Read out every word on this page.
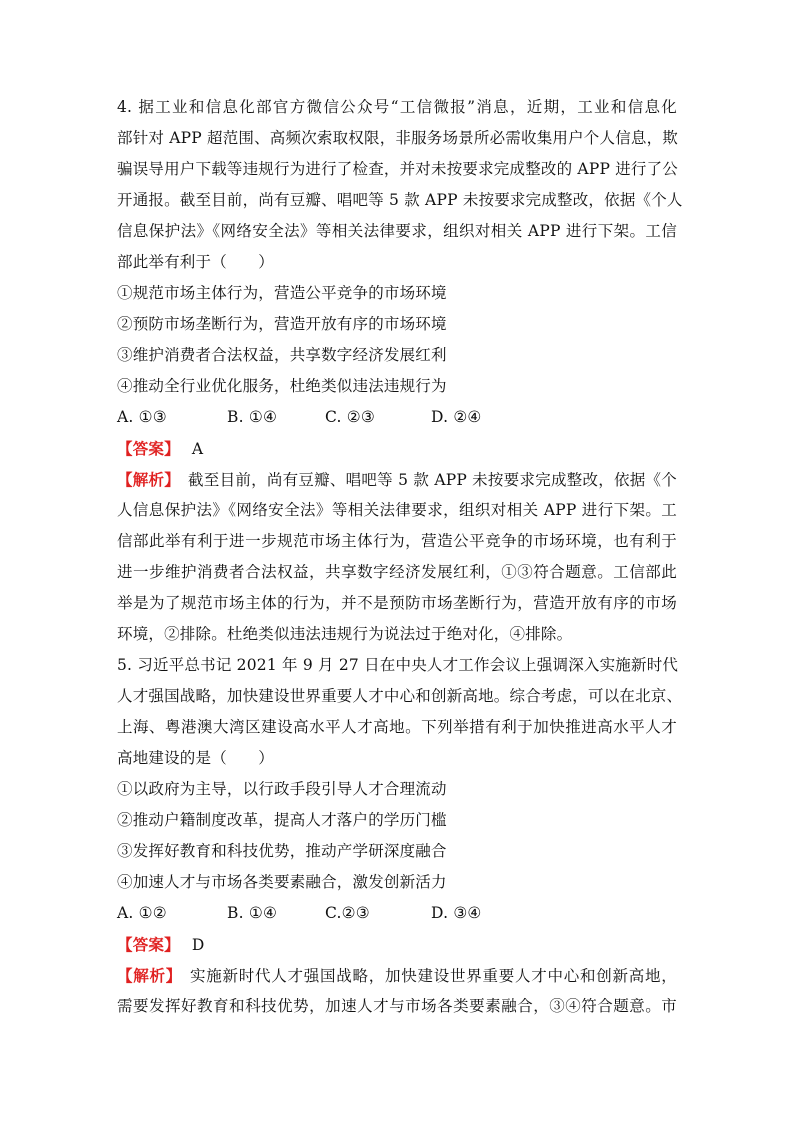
4. 据工业和信息化部官方微信公众号“工信微报”消息，近期，工业和信息化
部针对 APP 超范围、高频次索取权限，非服务场景所必需收集用户个人信息，欺
骗误导用户下载等违规行为进行了检查，并对未按要求完成整改的 APP 进行了公
开通报。截至目前，尚有豆瓣、唱吧等 5 款 APP 未按要求完成整改，依据《个人
信息保护法》《网络安全法》等相关法律要求，组织对相关 APP 进行下架。工信
部此举有利于（　　）
①规范市场主体行为，营造公平竞争的市场环境
②预防市场垄断行为，营造开放有序的市场环境
③维护消费者合法权益，共享数字经济发展红利
④推动全行业优化服务，杜绝类似违法违规行为
A. ①③	B. ①④	C. ②③	D. ②④
【答案】 A
【解析】 截至目前，尚有豆瓣、唱吧等 5 款 APP 未按要求完成整改，依据《个
人信息保护法》《网络安全法》等相关法律要求，组织对相关 APP 进行下架。工
信部此举有利于进一步规范市场主体行为，营造公平竞争的市场环境，也有利于
进一步维护消费者合法权益，共享数字经济发展红利，①③符合题意。工信部此
举是为了规范市场主体的行为，并不是预防市场垄断行为，营造开放有序的市场
环境，②排除。杜绝类似违法违规行为说法过于绝对化，④排除。
5. 习近平总书记 2021 年 9 月 27 日在中央人才工作会议上强调深入实施新时代
人才强国战略，加快建设世界重要人才中心和创新高地。综合考虑，可以在北京、
上海、粤港澳大湾区建设高水平人才高地。下列举措有利于加快推进高水平人才
高地建设的是（　　）
①以政府为主导，以行政手段引导人才合理流动
②推动户籍制度改革，提高人才落户的学历门槛
③发挥好教育和科技优势，推动产学研深度融合
④加速人才与市场各类要素融合，激发创新活力
A. ①②	B. ①④	C.②③	D. ③④
【答案】 D
【解析】 实施新时代人才强国战略，加快建设世界重要人才中心和创新高地，
需要发挥好教育和科技优势，加速人才与市场各类要素融合，③④符合题意。市
